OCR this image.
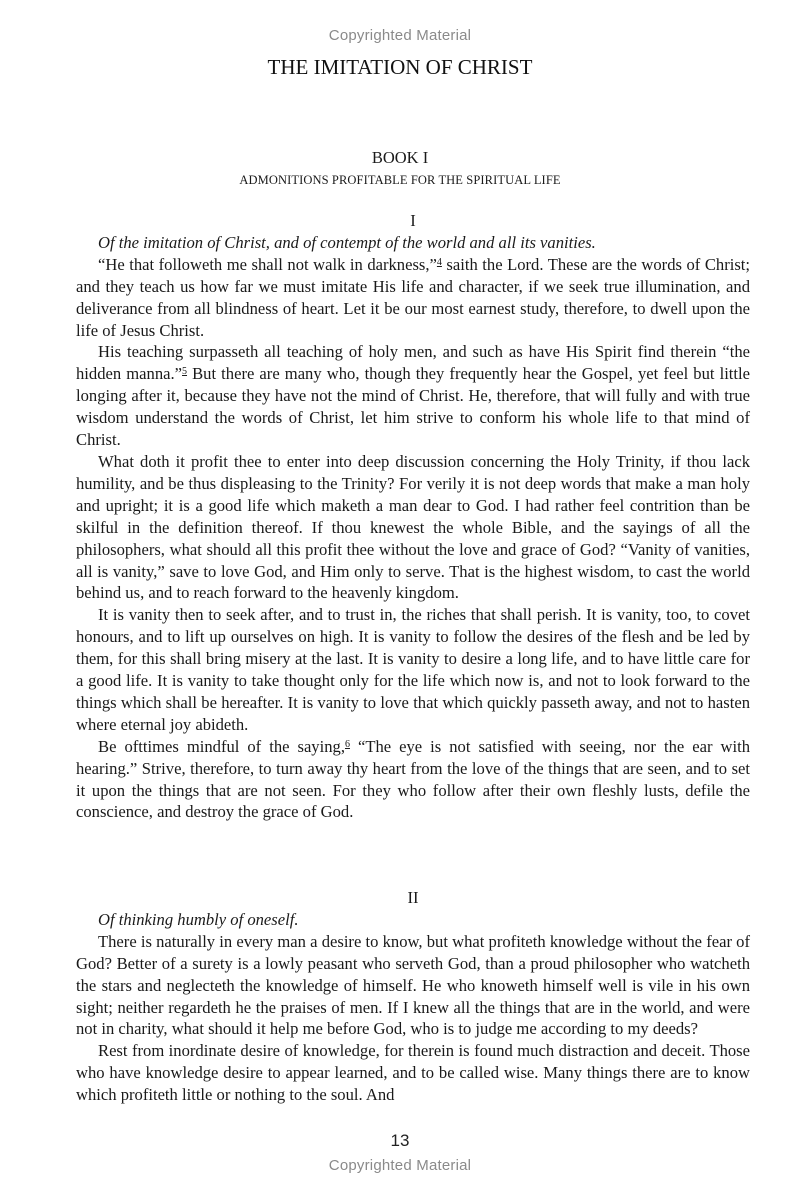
Copyrighted Material
THE IMITATION OF CHRIST
BOOK I
ADMONITIONS PROFITABLE FOR THE SPIRITUAL LIFE

I

Of the imitation of Christ, and of contempt of the world and all its vanities.

“He that followeth me shall not walk in darkness,”$^4$ saith the Lord. These are the words of Christ; and they teach us how far we must imitate His life and character, if we seek true illumination, and deliverance from all blindness of heart. Let it be our most earnest study, therefore, to dwell upon the life of Jesus Christ.

His teaching surpasseth all teaching of holy men, and such as have His Spirit find therein “the hidden manna.”$^5$ But there are many who, though they frequently hear the Gospel, yet feel but little longing after it, because they have not the mind of Christ. He, therefore, that will fully and with true wisdom understand the words of Christ, let him strive to conform his whole life to that mind of Christ.

What doth it profit thee to enter into deep discussion concerning the Holy Trinity, if thou lack humility, and be thus displeasing to the Trinity? For verily it is not deep words that make a man holy and upright; it is a good life which maketh a man dear to God. I had rather feel contrition than be skilful in the definition thereof. If thou knewest the whole Bible, and the sayings of all the philosophers, what should all this profit thee without the love and grace of God? “Vanity of vanities, all is vanity,” save to love God, and Him only to serve. That is the highest wisdom, to cast the world behind us, and to reach forward to the heavenly kingdom.

It is vanity then to seek after, and to trust in, the riches that shall perish. It is vanity, too, to covet honours, and to lift up ourselves on high. It is vanity to follow the desires of the flesh and be led by them, for this shall bring misery at the last. It is vanity to desire a long life, and to have little care for a good life. It is vanity to take thought only for the life which now is, and not to look forward to the things which shall be hereafter. It is vanity to love that which quickly passeth away, and not to hasten where eternal joy abideth.

Be ofttimes mindful of the saying,$^6$ “The eye is not satisfied with seeing, nor the ear with hearing.” Strive, therefore, to turn away thy heart from the love of the things that are seen, and to set it upon the things that are not seen. For they who follow after their own fleshly lusts, defile the conscience, and destroy the grace of God.

II

Of thinking humbly of oneself.

There is naturally in every man a desire to know, but what profiteth knowledge without the fear of God? Better of a surety is a lowly peasant who serveth God, than a proud philosopher who watcheth the stars and neglecteth the knowledge of himself. He who knoweth himself well is vile in his own sight; neither regardeth he the praises of men. If I knew all the things that are in the world, and were not in charity, what should it help me before God, who is to judge me according to my deeds?

Rest from inordinate desire of knowledge, for therein is found much distraction and deceit. Those who have knowledge desire to appear learned, and to be called wise. Many things there are to know which profiteth little or nothing to the soul. And

13
Copyrighted Material
